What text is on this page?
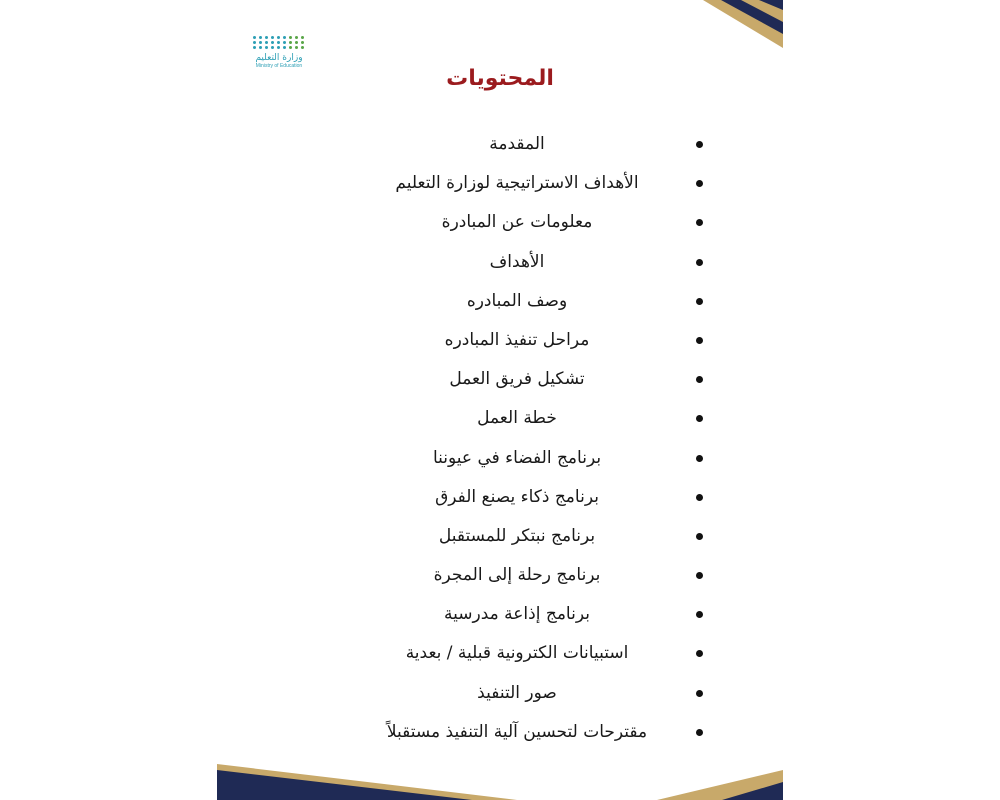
وزارة التعليم
Ministry of Education	المحتويات
المقدمة
الأهداف الاستراتيجية لوزارة التعليم
معلومات عن المبادرة
الأهداف
وصف المبادره
مراحل تنفيذ المبادره
تشكيل فريق العمل
خطة العمل
برنامج الفضاء في عيوننا
برنامج ذكاء يصنع الفرق
برنامج نبتكر للمستقبل
برنامج رحلة إلى المجرة
برنامج إذاعة مدرسية
استبيانات الكترونية قبلية / بعدية
صور التنفيذ
مقترحات لتحسين آلية التنفيذ مستقبلاً
